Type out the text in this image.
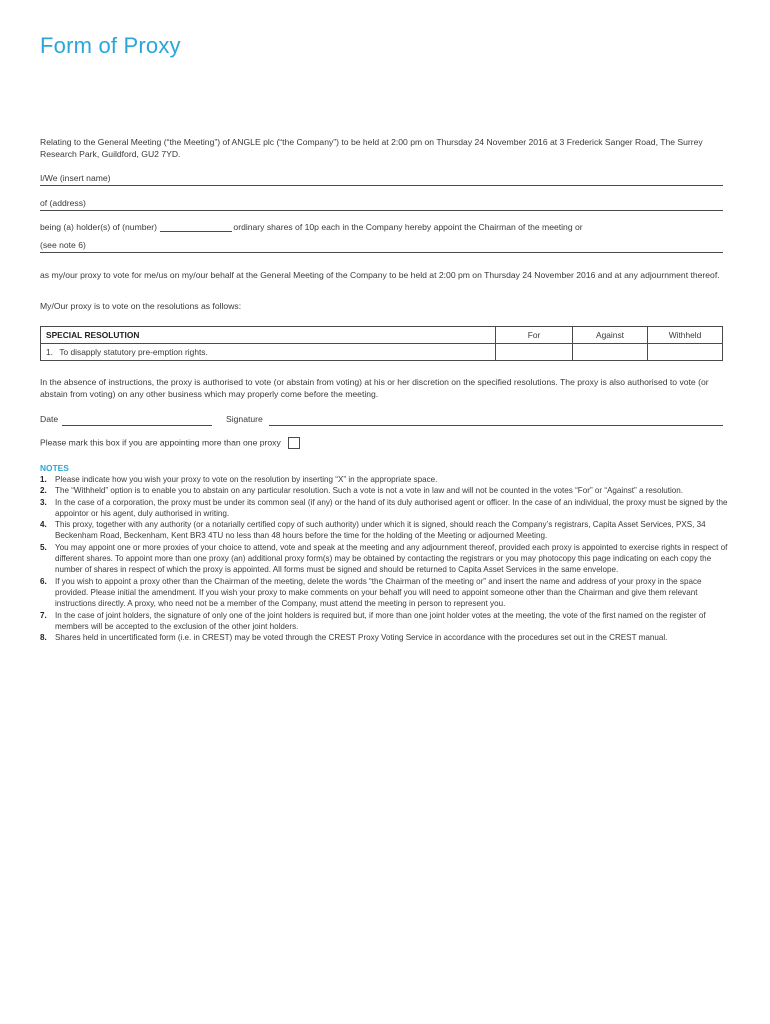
Form of Proxy
Relating to the General Meeting (“the Meeting”) of ANGLE plc (“the Company”) to be held at 2:00 pm on Thursday 24 November 2016 at 3 Frederick Sanger Road, The Surrey Research Park, Guildford, GU2 7YD.
I/We (insert name)
of (address)
being (a) holder(s) of (number)	ordinary shares of 10p each in the Company hereby appoint the Chairman of the meeting or
(see note 6)
as my/our proxy to vote for me/us on my/our behalf at the General Meeting of the Company to be held at 2:00 pm on Thursday 24 November 2016 and at any adjournment thereof.
My/Our proxy is to vote on the resolutions as follows:
SPECIAL RESOLUTION	For	Against	Withheld
1. To disapply statutory pre-emption rights.			
In the absence of instructions, the proxy is authorised to vote (or abstain from voting) at his or her discretion on the specified resolutions. The proxy is also authorised to vote (or abstain from voting) on any other business which may properly come before the meeting.
Date	Signature
Please mark this box if you are appointing more than one proxy
NOTES
1. Please indicate how you wish your proxy to vote on the resolution by inserting “X” in the appropriate space.
2. The “Withheld” option is to enable you to abstain on any particular resolution. Such a vote is not a vote in law and will not be counted in the votes “For” or “Against” a resolution.
3. In the case of a corporation, the proxy must be under its common seal (if any) or the hand of its duly authorised agent or officer. In the case of an individual, the proxy must be signed by the appointor or his agent, duly authorised in writing.
4. This proxy, together with any authority (or a notarially certified copy of such authority) under which it is signed, should reach the Company’s registrars, Capita Asset Services, PXS, 34 Beckenham Road, Beckenham, Kent BR3 4TU no less than 48 hours before the time for the holding of the Meeting or adjourned Meeting.
5. You may appoint one or more proxies of your choice to attend, vote and speak at the meeting and any adjournment thereof, provided each proxy is appointed to exercise rights in respect of different shares. To appoint more than one proxy (an) additional proxy form(s) may be obtained by contacting the registrars or you may photocopy this page indicating on each copy the number of shares in respect of which the proxy is appointed. All forms must be signed and should be returned to Capita Asset Services in the same envelope.
6. If you wish to appoint a proxy other than the Chairman of the meeting, delete the words “the Chairman of the meeting or” and insert the name and address of your proxy in the space provided. Please initial the amendment. If you wish your proxy to make comments on your behalf you will need to appoint someone other than the Chairman and give them relevant instructions directly. A proxy, who need not be a member of the Company, must attend the meeting in person to represent you.
7. In the case of joint holders, the signature of only one of the joint holders is required but, if more than one joint holder votes at the meeting, the vote of the first named on the register of members will be accepted to the exclusion of the other joint holders.
8. Shares held in uncertificated form (i.e. in CREST) may be voted through the CREST Proxy Voting Service in accordance with the procedures set out in the CREST manual.
